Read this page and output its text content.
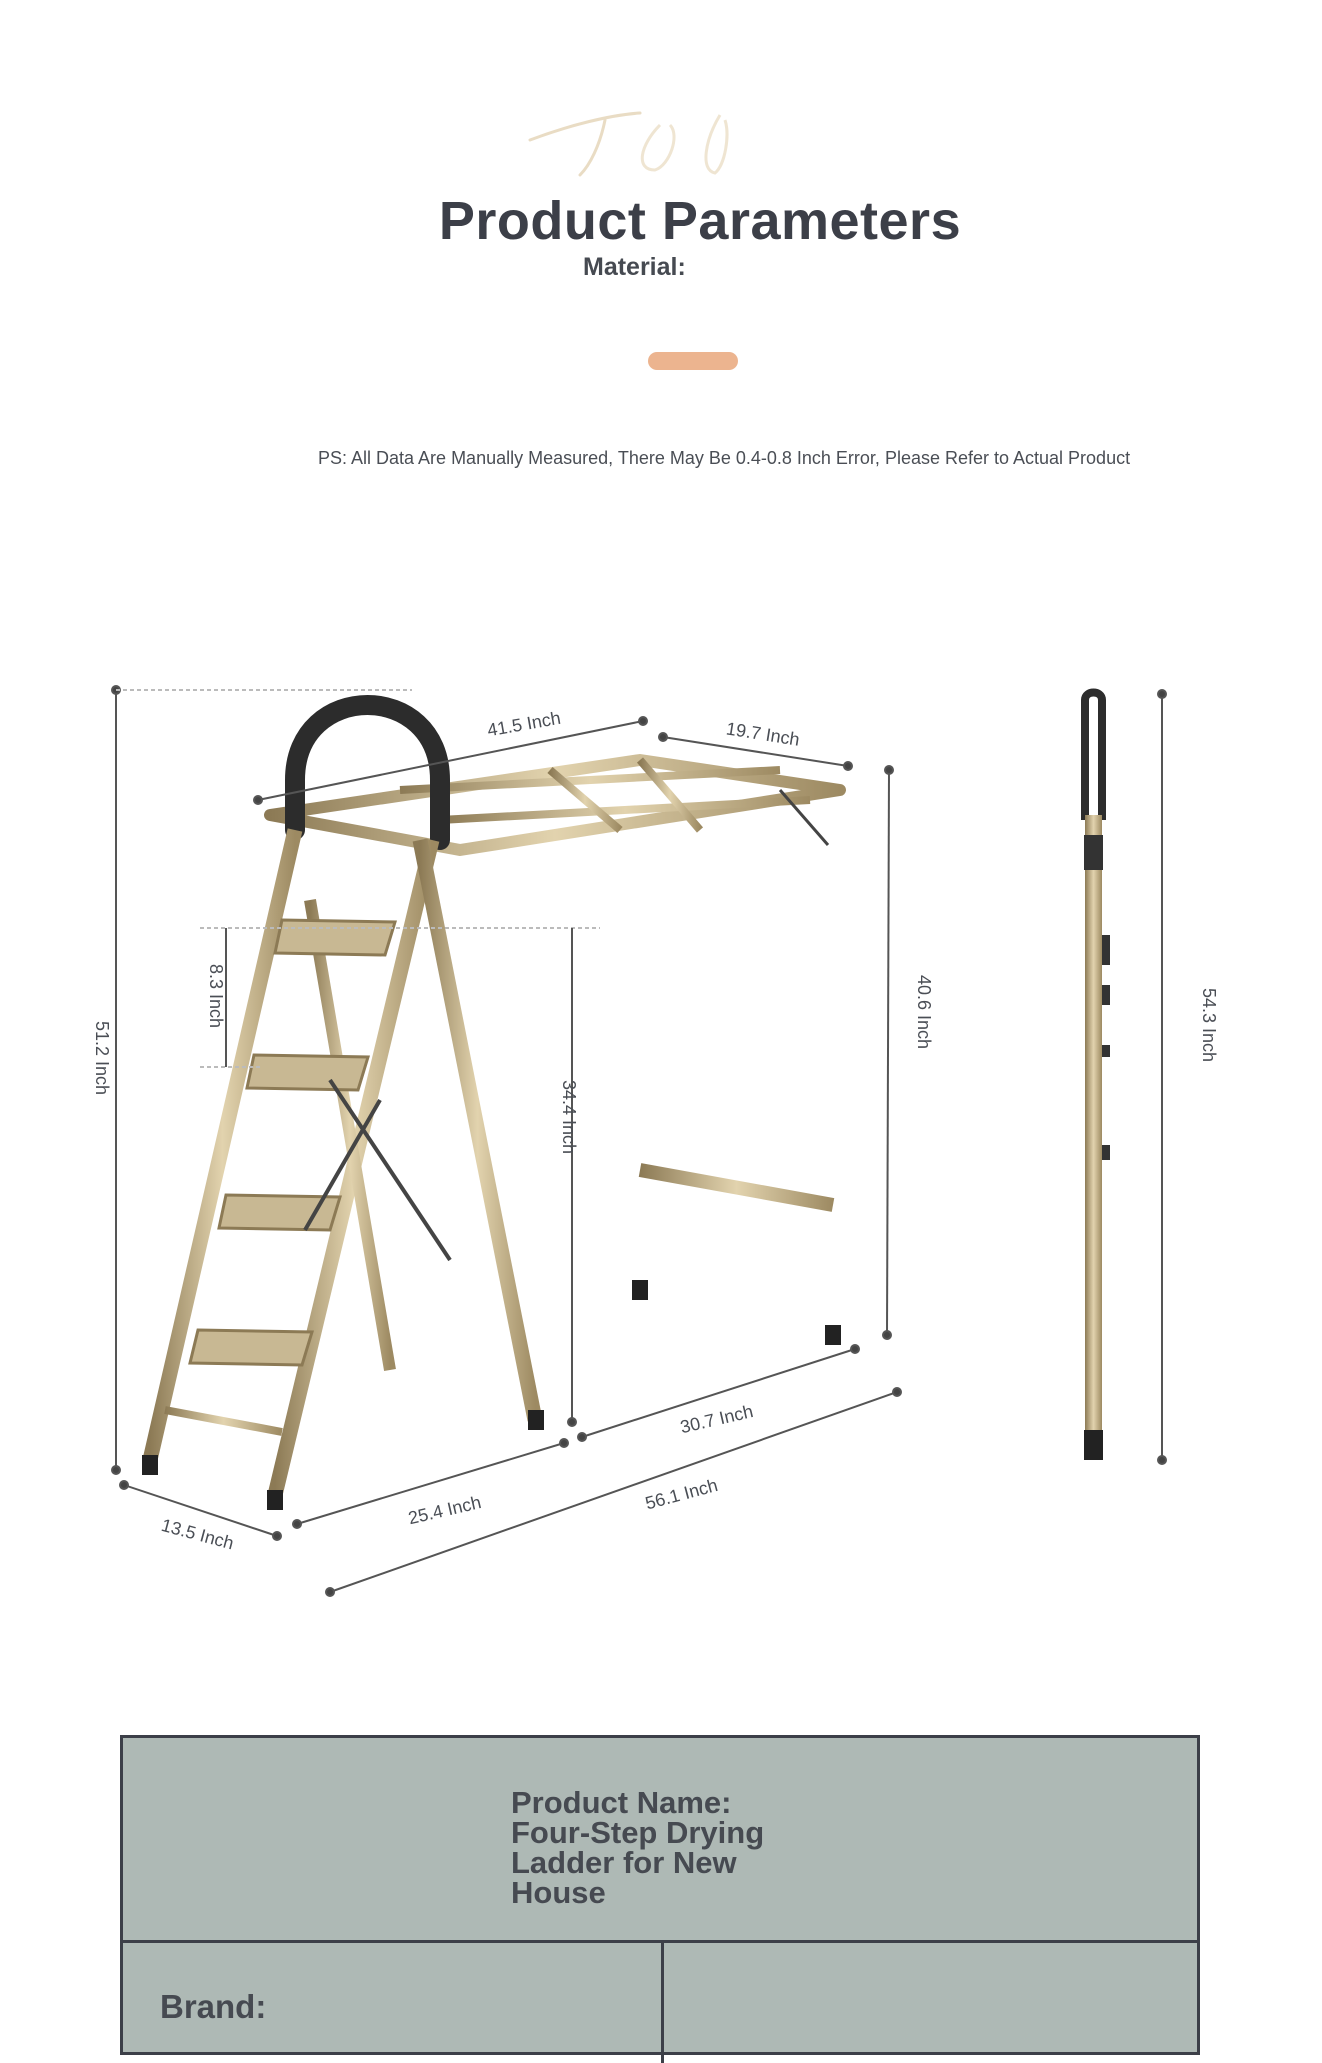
Product Parameters
PS: All Data Are Manually Measured, There May Be 0.4-0.8 Inch Error, Please Refer to Actual Product
51.2 Inch
41.5 Inch	19.7 Inch
8.3 Inch
34.4 Inch
40.6 Inch	54.3 Inch
13.5 Inch
25.4 Inch
30.7 Inch
56.1 Inch
Product Name:
Four-Step Drying Ladder for New House
Brand:
Material:
